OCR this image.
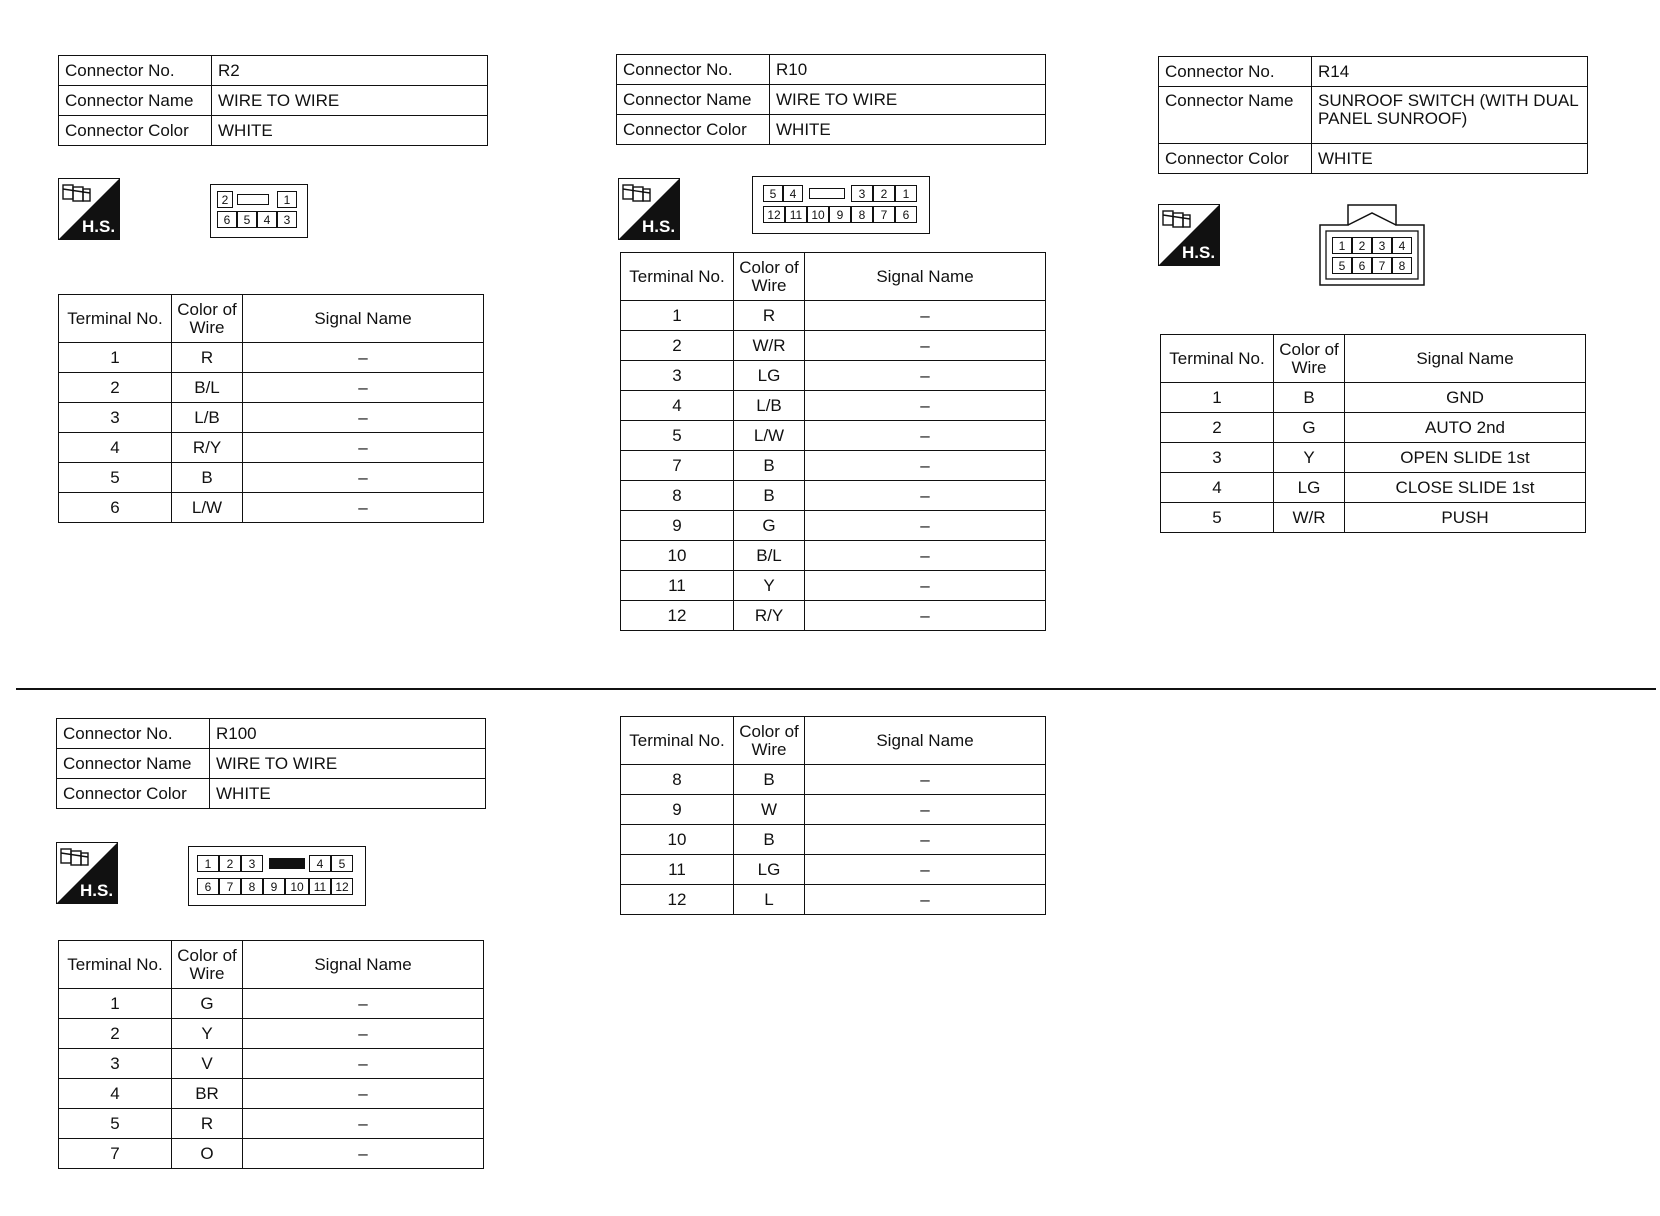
Connector No.	R2
Connector Name	WIRE TO WIRE
Connector Color	WHITE
H.S.
2	1
6	5	4	3
Terminal No.	Color of Wire	Signal Name
1	R	–
2	B/L	–
3	L/B	–
4	R/Y	–
5	B	–
6	L/W	–
Connector No.	R10
Connector Name	WIRE TO WIRE
Connector Color	WHITE
H.S.
5	4	3	2	1
12 11 10 9	8	7	6
Terminal No.	Color of Wire	Signal Name
1	R	–
2	W/R	–
3	LG	–
4	L/B	–
5	L/W	–
7	B	–
8	B	–
9	G	–
10	B/L	–
11	Y	–
12	R/Y	–
Connector No.	R14
Connector Name	SUNROOF SWITCH (WITH DUAL PANEL SUNROOF)
Connector Color	WHITE
H.S.	1	2	3	4
5	6	7	8
Terminal No.	Color of Wire	Signal Name
1	B	GND
2	G	AUTO 2nd
3	Y	OPEN SLIDE 1st
4	LG	CLOSE SLIDE 1st
5	W/R	PUSH
Connector No.	R100
Connector Name	WIRE TO WIRE
Connector Color	WHITE
H.S.
1	2	3	4	5
6	7	8	9	10 11 12
Terminal No.	Color of Wire	Signal Name
1	G	–
2	Y	–
3	V	–
4	BR	–
5	R	–
7	O	–
Terminal No.	Color of Wire	Signal Name
8	B	–
9	W	–
10	B	–
11	LG	–
12	L	–
